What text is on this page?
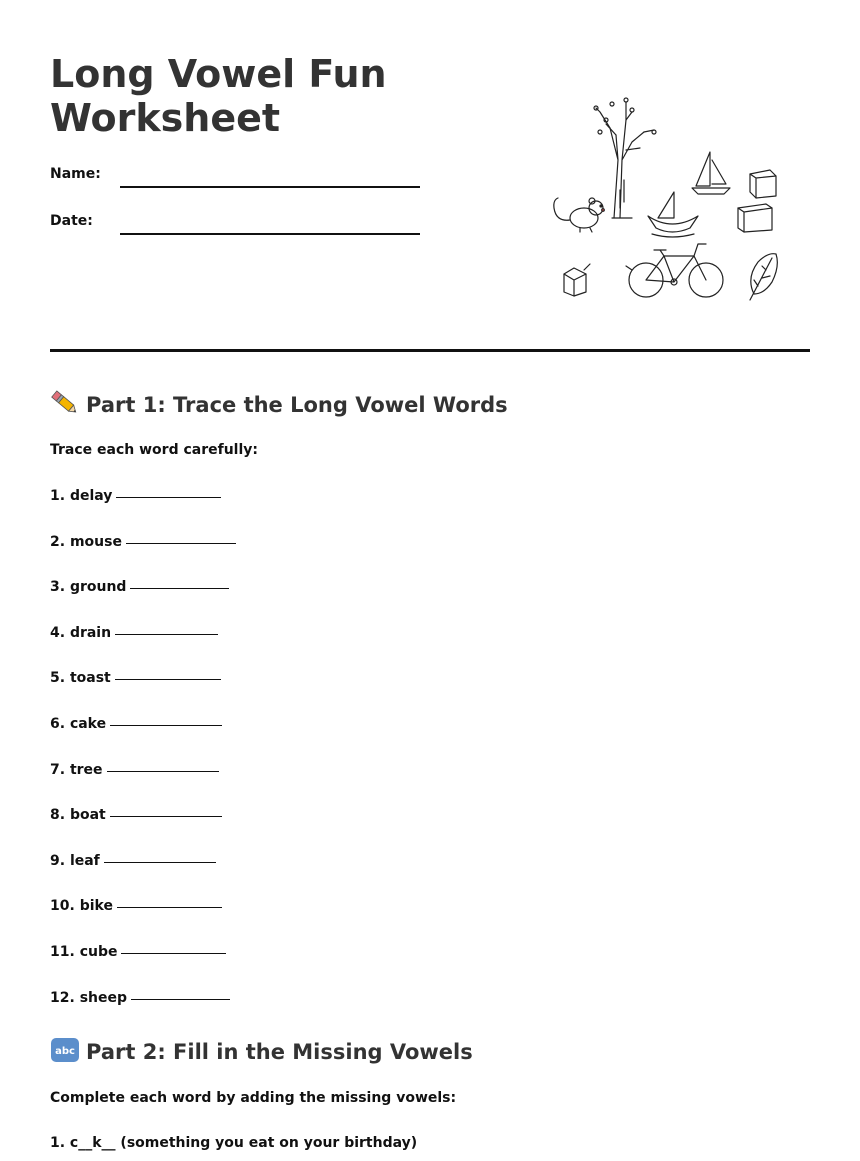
Long Vowel Fun Worksheet
Name:
Date:
Part 1: Trace the Long Vowel Words
Trace each word carefully:
1. delay
2. mouse
3. ground
4. drain
5. toast
6. cake
7. tree
8. boat
9. leaf
10. bike
11. cube
12. sheep
abc Part 2: Fill in the Missing Vowels
Complete each word by adding the missing vowels:
1. c__k__ (something you eat on your birthday)
